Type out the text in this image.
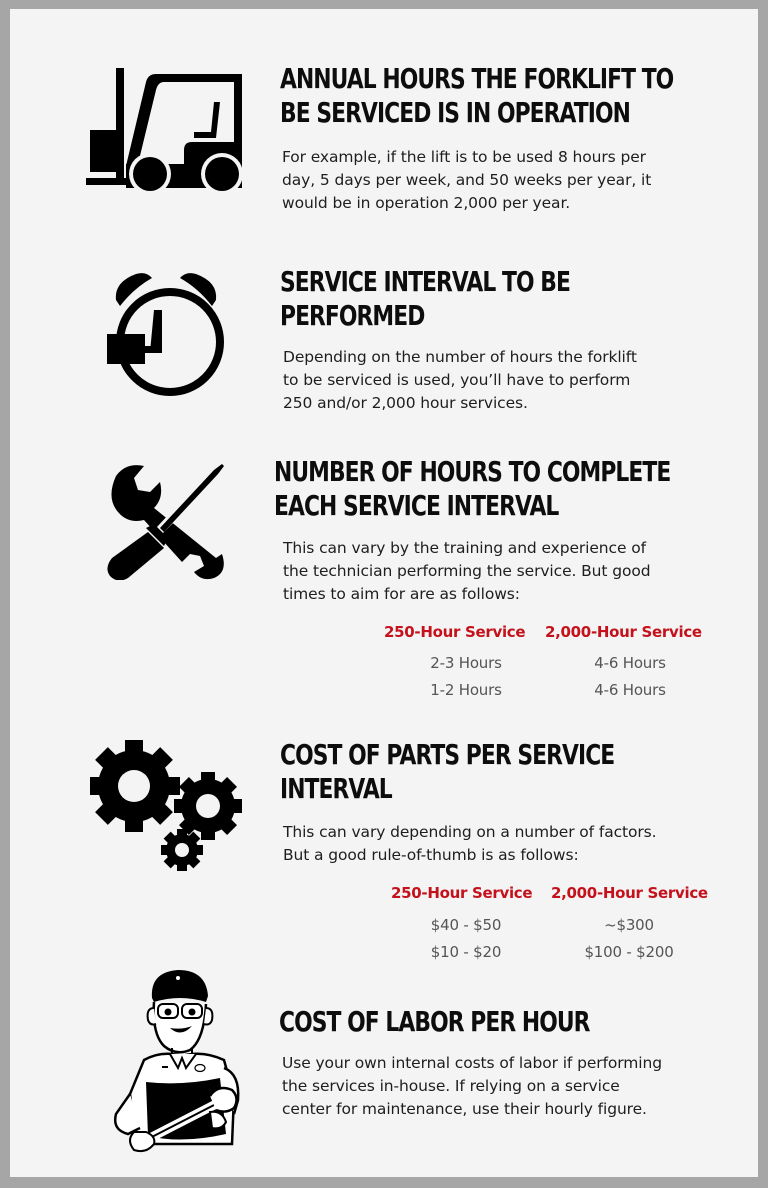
ANNUAL HOURS THE FORKLIFT TO
BE SERVICED IS IN OPERATION
For example, if the lift is to be used 8 hours per
day, 5 days per week, and 50 weeks per year, it
would be in operation 2,000 per year.
SERVICE INTERVAL TO BE
PERFORMED
Depending on the number of hours the forklift
to be serviced is used, you’ll have to perform
250 and/or 2,000 hour services.
NUMBER OF HOURS TO COMPLETE
EACH SERVICE INTERVAL
This can vary by the training and experience of
the technician performing the service. But good
times to aim for are as follows:
250-Hour Service 2,000-Hour Service
2-3 Hours	4-6 Hours
1-2 Hours	4-6 Hours
COST OF PARTS PER SERVICE
INTERVAL
This can vary depending on a number of factors.
But a good rule-of-thumb is as follows:
250-Hour Service 2,000-Hour Service
$40 - $50	~$300
$10 - $20	$100 - $200
COST OF LABOR PER HOUR
Use your own internal costs of labor if performing
the services in-house. If relying on a service
center for maintenance, use their hourly figure.
